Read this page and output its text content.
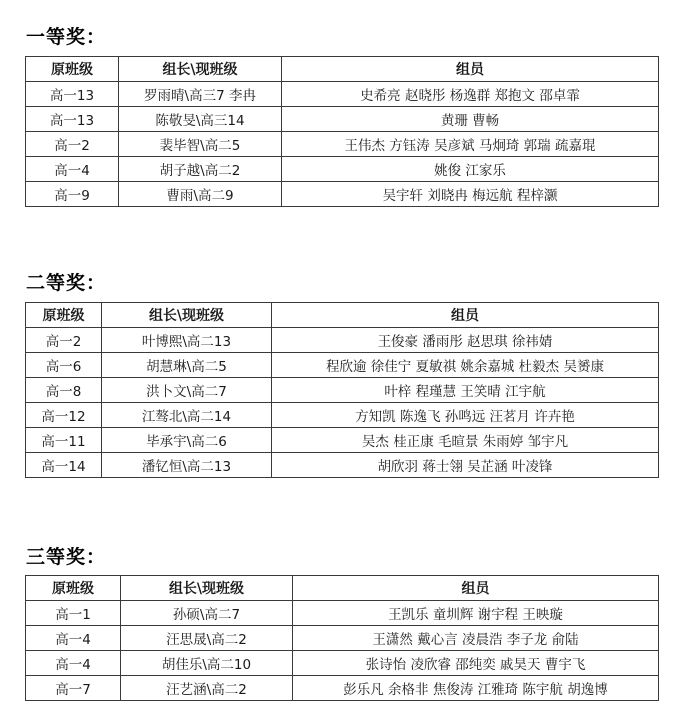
一等奖：
原班级	组长\现班级	组员
高一13	罗雨晴\高三7 李冉	史希亮 赵晓彤 杨逸群 郑抱文 邵卓霏
高一13	陈敬旻\高三14	黄珊 曹畅
高一2	裴毕智\高二5	王伟杰 方钰涛 吴彦斌 马炯琦 郭瑞 疏嘉琨
高一4	胡子越\高二2	姚俊 江家乐
高一9	曹雨\高二9	吴宇轩 刘晓冉 梅远航 程梓灏
二等奖：
原班级	组长\现班级	组员
高一2	叶博熙\高二13	王俊豪 潘雨彤 赵思琪 徐祎婧
高一6	胡慧琳\高二5	程欣逾 徐佳宁 夏敏祺 姚余嘉城 杜毅杰 吴赟康
高一8	洪卜文\高二7	叶梓 程瑾慧 王笑晴 江宇航
高一12	江骜北\高二14	方知凯 陈逸飞 孙鸣远 汪茗月 许卉艳
高一11	毕承宇\高二6	吴杰 桂正康 毛暄景 朱雨婷 邹宇凡
高一14	潘钇恒\高二13	胡欣羽 蒋士翎 吴芷涵 叶凌锋
三等奖：
原班级	组长\现班级	组员
高一1	孙硕\高二7	王凯乐 童圳辉 谢宇程 王映璇
高一4	汪思晟\高二2	王潇然 戴心言 凌晨浩 李子龙 俞陆
高一4	胡佳乐\高二10	张诗怡 凌欣睿 邵纯奕 戚昊天 曹宇飞
高一7	汪艺涵\高二2	彭乐凡 余格非 焦俊涛 江雅琦 陈宇航 胡逸博
